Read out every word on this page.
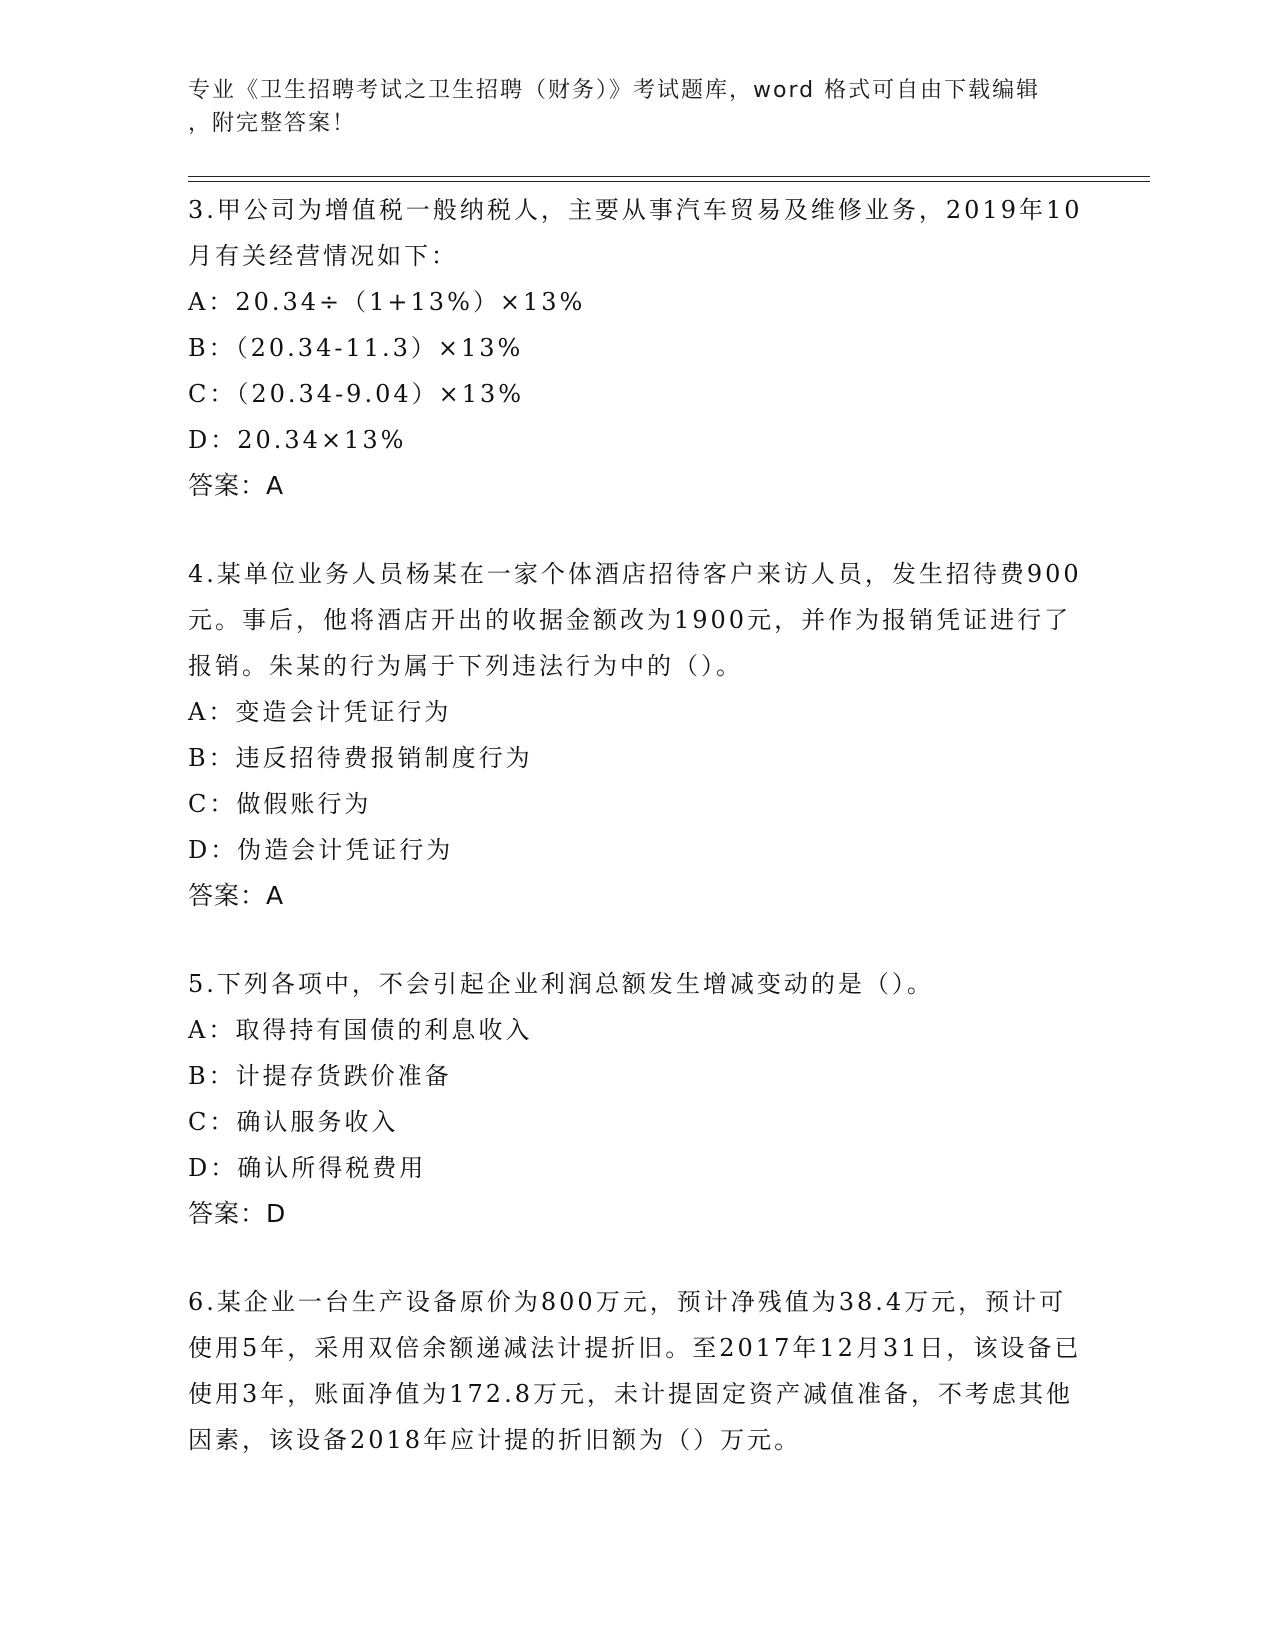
专业《卫生招聘考试之卫生招聘（财务）》考试题库，word 格式可自由下载编辑
，附完整答案！

3.甲公司为增值税一般纳税人，主要从事汽车贸易及维修业务，2019年10月有关经营情况如下：

A：20.34÷（1+13%）×13%

B：（20.34-11.3）×13%

C：（20.34-9.04）×13%

D：20.34×13%

答案：A

4.某单位业务人员杨某在一家个体酒店招待客户来访人员，发生招待费900元。事后，他将酒店开出的收据金额改为1900元，并作为报销凭证进行了报销。朱某的行为属于下列违法行为中的（）。

A：变造会计凭证行为

B：违反招待费报销制度行为

C：做假账行为

D：伪造会计凭证行为

答案：A

5.下列各项中，不会引起企业利润总额发生增减变动的是（）。

A：取得持有国债的利息收入

B：计提存货跌价准备

C：确认服务收入

D：确认所得税费用

答案：D

6.某企业一台生产设备原价为800万元，预计净残值为38.4万元，预计可使用5年，采用双倍余额递减法计提折旧。至2017年12月31日，该设备已使用3年，账面净值为172.8万元，未计提固定资产减值准备，不考虑其他因素，该设备2018年应计提的折旧额为（）万元。
